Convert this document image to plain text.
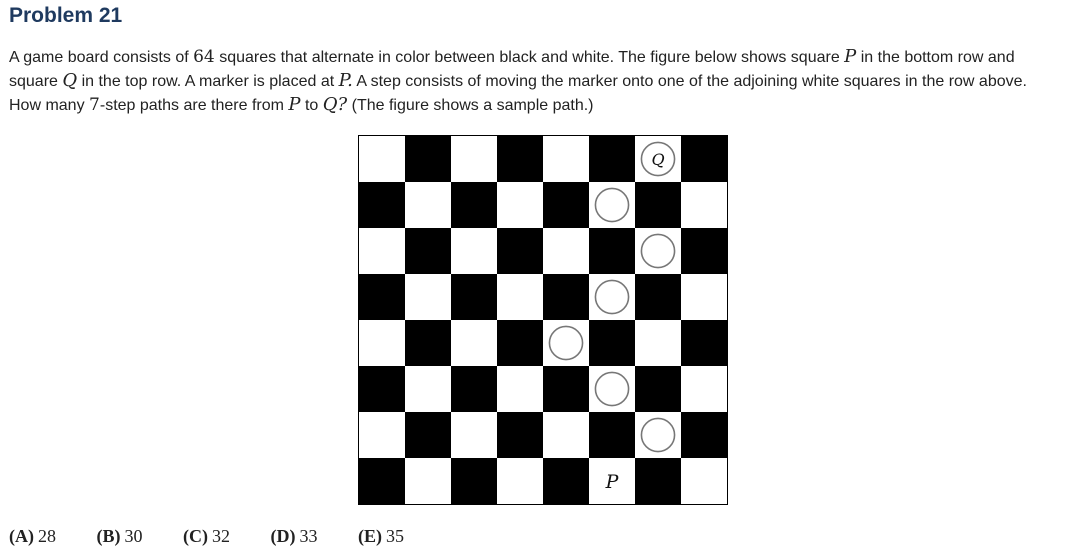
Problem 21
A game board consists of 64 squares that alternate in color between black and white. The figure below shows square P in the bottom row and
square Q in the top row. A marker is placed at P. A step consists of moving the marker onto one of the adjoining white squares in the row above.
How many 7-step paths are there from P to Q? (The figure shows a sample path.)
Q
P
(A) 28 (B) 30 (C) 32 (D) 33 (E) 35
